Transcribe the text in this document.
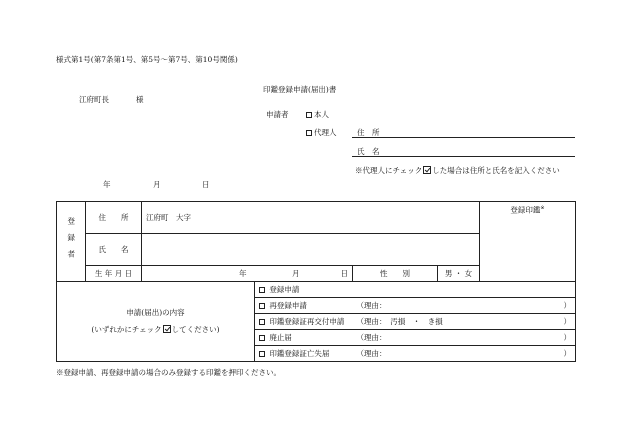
様式第1号(第7条第1号、第5号～第7号、第10号関係)
印鑑登録申請(届出)書
江府町長	様
申請者	本人
代理人	住　所
氏　名
※代理人にチェック した場合は住所と氏名を記入ください
年	月	日
登録者	住　　所	江府町　大字					登録印鑑※
	氏　　名						
	生 年 月 日	年	月	日	性　　別	男 ・ 女	

申請(届出)の内容
(いずれかにチェック してください)			登録申請				
			再登録申請		（理由： ）		

			印鑑登録証再交付申請		（理由：　 汚損　・　き損 ）		

			廃止届		（理由： ）		

			印鑑登録証亡失届		（理由： ）		
※登録申請、再登録申請の場合のみ登録する印鑑を押印ください。
